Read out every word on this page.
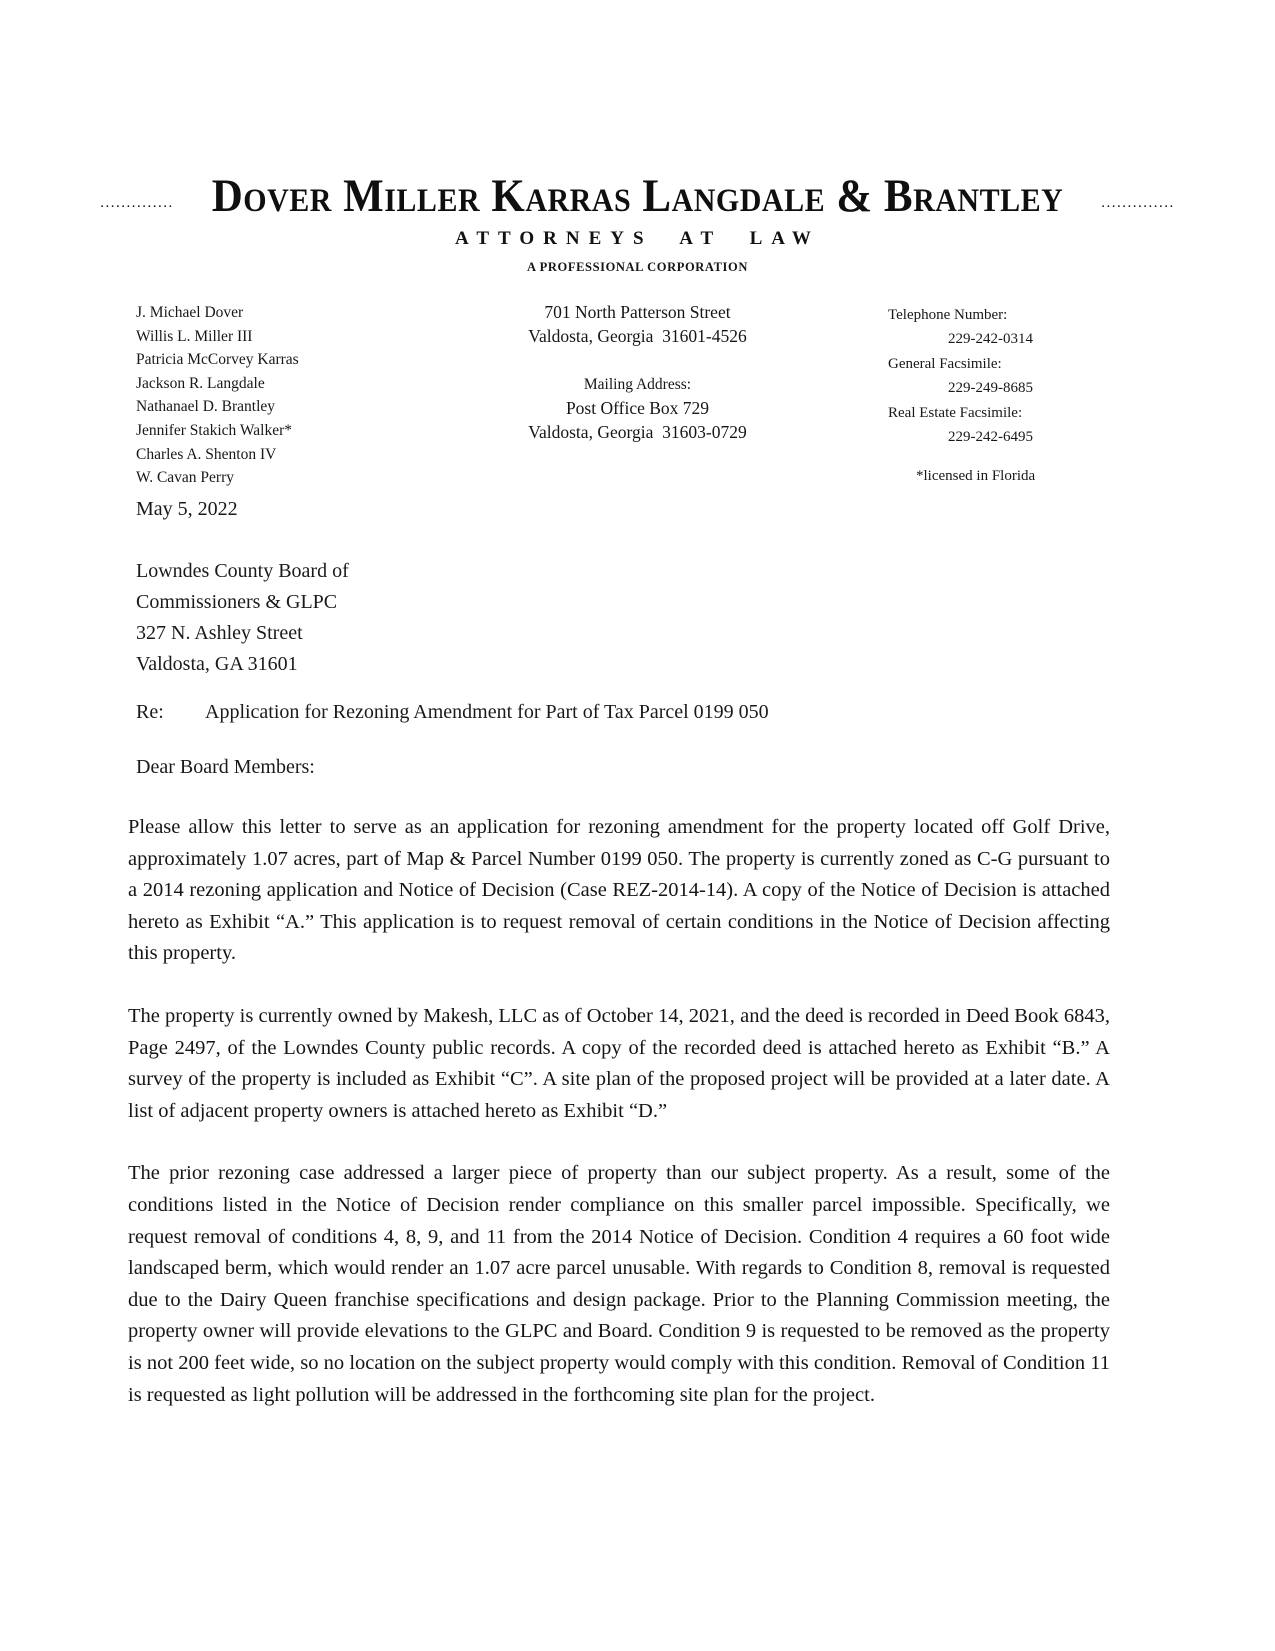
.............. Dover Miller Karras Langdale & Brantley	..............
ATTORNEYS AT LAW
A PROFESSIONAL CORPORATION
J. Michael Dover
Willis L. Miller III
Patricia McCorvey Karras
Jackson R. Langdale
Nathanael D. Brantley
Jennifer Stakich Walker*
Charles A. Shenton IV
W. Cavan Perry
701 North Patterson Street
Valdosta, Georgia  31601-4526
Mailing Address:
Post Office Box 729
Valdosta, Georgia  31603-0729
Telephone Number:
229-242-0314
General Facsimile:
229-249-8685
Real Estate Facsimile:
229-242-6495
*licensed in Florida
May 5, 2022
Lowndes County Board of
Commissioners & GLPC
327 N. Ashley Street
Valdosta, GA 31601
Re: Application for Rezoning Amendment for Part of Tax Parcel 0199 050
Dear Board Members:

Please allow this letter to serve as an application for rezoning amendment for the property located off Golf Drive, approximately 1.07 acres, part of Map & Parcel Number 0199 050. The property is currently zoned as C-G pursuant to a 2014 rezoning application and Notice of Decision (Case REZ-2014-14). A copy of the Notice of Decision is attached hereto as Exhibit “A.” This application is to request removal of certain conditions in the Notice of Decision affecting this property.

The property is currently owned by Makesh, LLC as of October 14, 2021, and the deed is recorded in Deed Book 6843, Page 2497, of the Lowndes County public records. A copy of the recorded deed is attached hereto as Exhibit “B.” A survey of the property is included as Exhibit “C”. A site plan of the proposed project will be provided at a later date. A list of adjacent property owners is attached hereto as Exhibit “D.”

The prior rezoning case addressed a larger piece of property than our subject property. As a result, some of the conditions listed in the Notice of Decision render compliance on this smaller parcel impossible. Specifically, we request removal of conditions 4, 8, 9, and 11 from the 2014 Notice of Decision. Condition 4 requires a 60 foot wide landscaped berm, which would render an 1.07 acre parcel unusable. With regards to Condition 8, removal is requested due to the Dairy Queen franchise specifications and design package. Prior to the Planning Commission meeting, the property owner will provide elevations to the GLPC and Board. Condition 9 is requested to be removed as the property is not 200 feet wide, so no location on the subject property would comply with this condition. Removal of Condition 11 is requested as light pollution will be addressed in the forthcoming site plan for the project.
